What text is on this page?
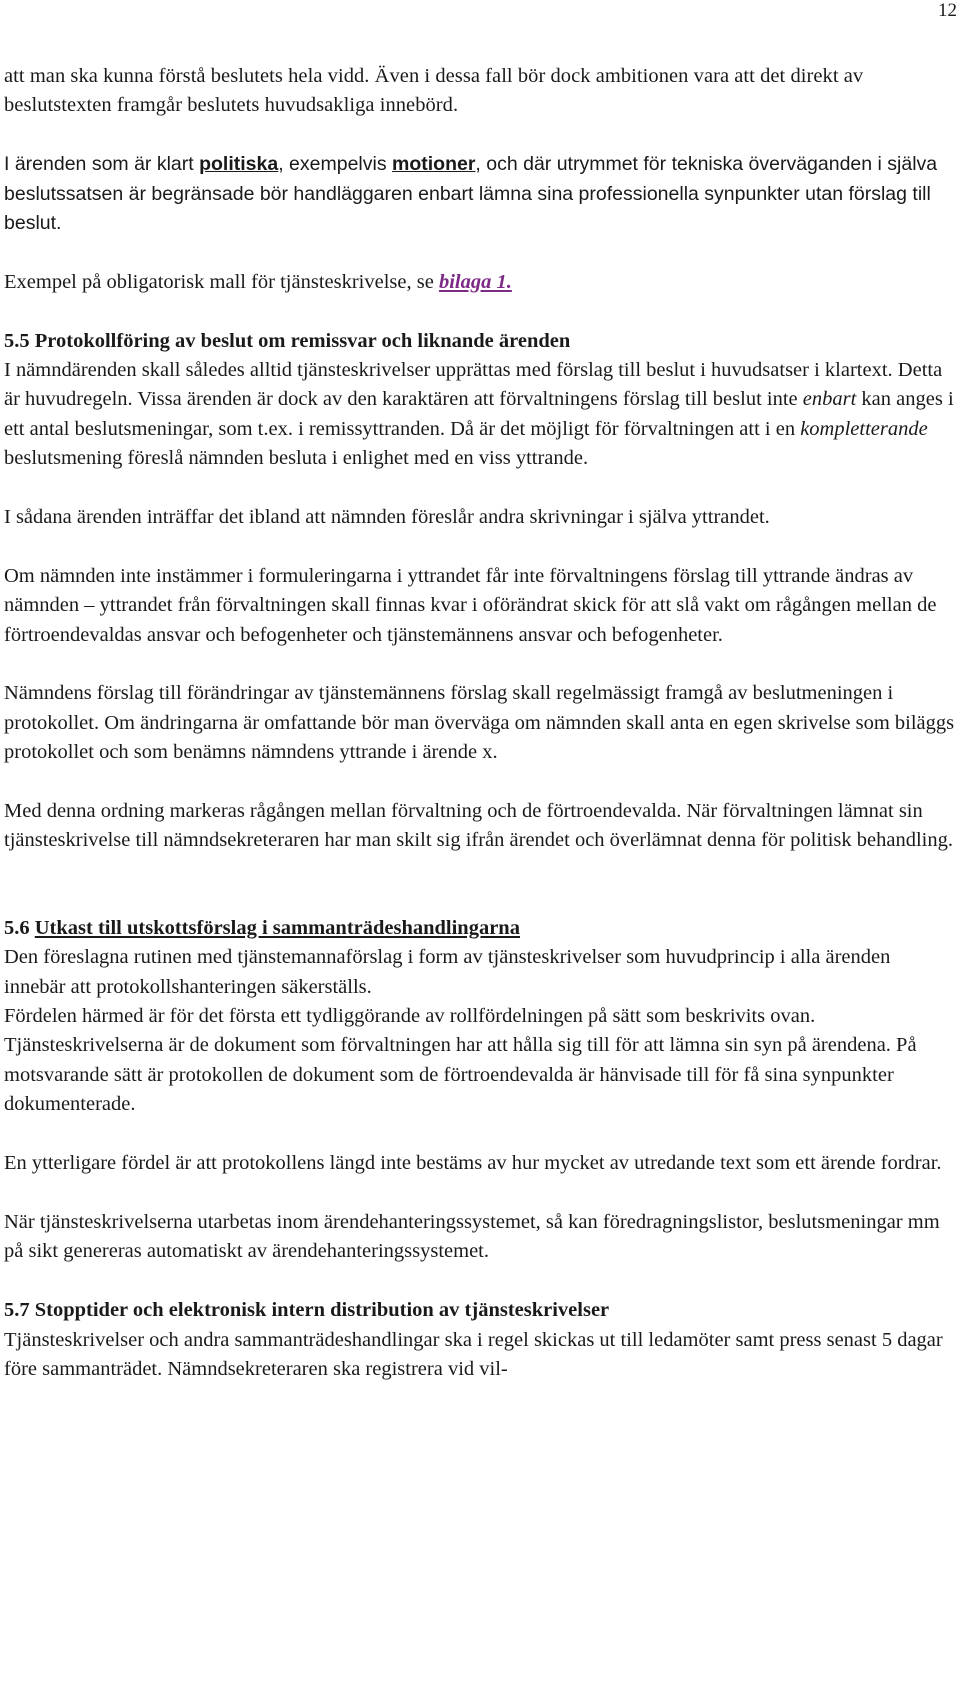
12

att man ska kunna förstå beslutets hela vidd. Även i dessa fall bör dock ambitionen vara att det direkt av beslutstexten framgår beslutets huvudsakliga innebörd.

I ärenden som är klart politiska, exempelvis motioner, och där utrymmet för tekniska överväganden i själva beslutssatsen är begränsade bör handläggaren enbart lämna sina professionella synpunkter utan förslag till beslut.

Exempel på obligatorisk mall för tjänsteskrivelse, se bilaga 1.

5.5 Protokollföring av beslut om remissvar och liknande ärenden

I nämndärenden skall således alltid tjänsteskrivelser upprättas med förslag till beslut i huvudsatser i klartext. Detta är huvudregeln. Vissa ärenden är dock av den karaktären att förvaltningens förslag till beslut inte enbart kan anges i ett antal beslutsmeningar, som t.ex. i remissyttranden. Då är det möjligt för förvaltningen att i en kompletterande beslutsmening föreslå nämnden besluta i enlighet med en viss yttrande.

I sådana ärenden inträffar det ibland att nämnden föreslår andra skrivningar i själva yttrandet.

Om nämnden inte instämmer i formuleringarna i yttrandet får inte förvaltningens förslag till yttrande ändras av nämnden – yttrandet från förvaltningen skall finnas kvar i oförändrat skick för att slå vakt om rågången mellan de förtroendevaldas ansvar och befogenheter och tjänstemännens ansvar och befogenheter.

Nämndens förslag till förändringar av tjänstemännens förslag skall regelmässigt framgå av beslutmeningen i protokollet. Om ändringarna är omfattande bör man överväga om nämnden skall anta en egen skrivelse som biläggs protokollet och som benämns nämndens yttrande i ärende x.

Med denna ordning markeras rågången mellan förvaltning och de förtroendevalda. När förvaltningen lämnat sin tjänsteskrivelse till nämndsekreteraren har man skilt sig ifrån ärendet och överlämnat denna för politisk behandling.

5.6 Utkast till utskottsförslag i sammanträdeshandlingarna

Den föreslagna rutinen med tjänstemannaförslag i form av tjänsteskrivelser som huvudprincip i alla ärenden innebär att protokollshanteringen säkerställs.

Fördelen härmed är för det första ett tydliggörande av rollfördelningen på sätt som beskrivits ovan. Tjänsteskrivelserna är de dokument som förvaltningen har att hålla sig till för att lämna sin syn på ärendena. På motsvarande sätt är protokollen de dokument som de förtroendevalda är hänvisade till för få sina synpunkter dokumenterade.

En ytterligare fördel är att protokollens längd inte bestäms av hur mycket av utredande text som ett ärende fordrar.

När tjänsteskrivelserna utarbetas inom ärendehanteringssystemet, så kan föredragningslistor, beslutsmeningar mm på sikt genereras automatiskt av ärendehanteringssystemet.

5.7 Stopptider och elektronisk intern distribution av tjänsteskrivelser

Tjänsteskrivelser och andra sammanträdeshandlingar ska i regel skickas ut till ledamöter samt press senast 5 dagar före sammanträdet. Nämndsekreteraren ska registrera vid vil-
